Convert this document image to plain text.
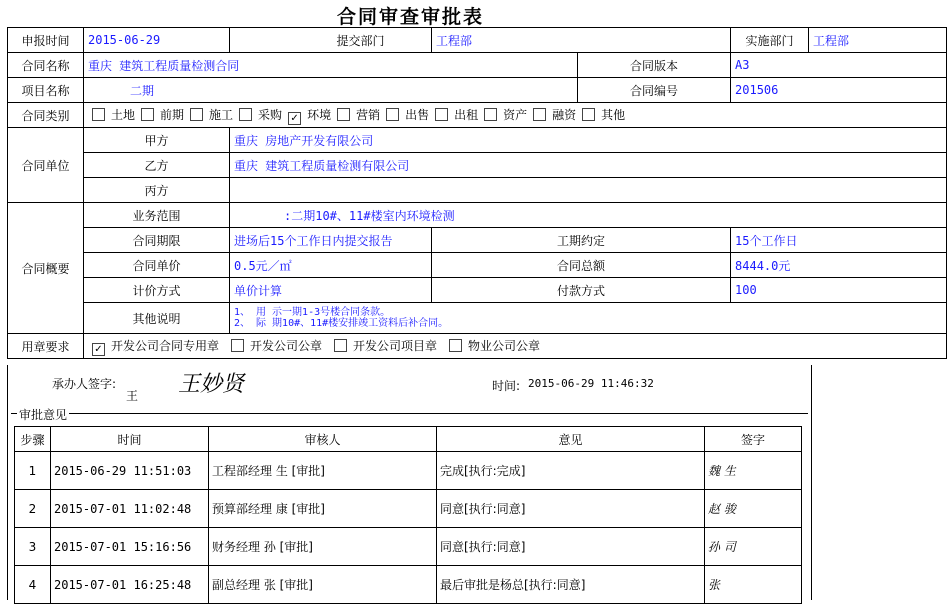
合同审查审批表
申报时间	2015-06-29	提交部门	工程部		实施部门	工程部
合同名称	重庆 建筑工程质量检测合同			合同版本	A3	
项目名称	二期			合同编号	201506	
合同类别	土地 前期 施工 采购 ✓ 环境 营销 出售 出租 资产 融资 其他					
合同单位	甲方	重庆 房地产开发有限公司				
	乙方	重庆 建筑工程质量检测有限公司				
	丙方					
合同概要	业务范围	:二期10#、11#楼室内环境检测				
	合同期限	进场后15个工作日内提交报告	工期约定		15个工作日	
	合同单价	0.5元／㎡	合同总额		8444.0元	
	计价方式	单价计算	付款方式		100	
	其他说明	1、 用 示一期1-3号楼合同条款。
2、 际 期10#、11#楼安排竣工资料后补合同。				

用章要求	✓ 开发公司合同专用章 开发公司公章 开发公司项目章 物业公司公章					
承办人签字:
王 王妙贤	时间: 2015-06-29 11:46:32
审批意见
步骤	时间	审核人	意见	签字
1	2015-06-29 11:51:03	工程部经理 生 [审批]	完成[执行:完成]	魏 生
2	2015-07-01 11:02:48	预算部经理 康 [审批]	同意[执行:同意]	赵 骏
3	2015-07-01 15:16:56	财务经理 孙 [审批]	同意[执行:同意]	孙 司
4	2015-07-01 16:25:48	副总经理 张 [审批]	最后审批是杨总[执行:同意]	张
